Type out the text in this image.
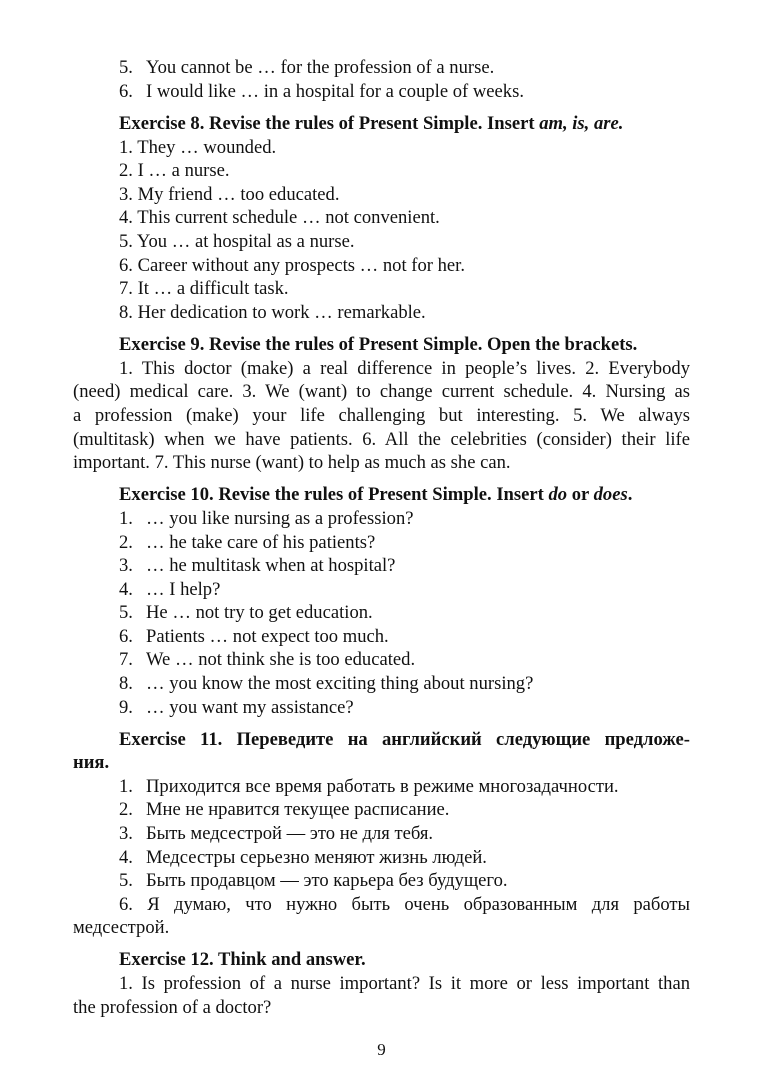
5. You cannot be … for the profession of a nurse.
6. I would like … in a hospital for a couple of weeks.
Exercise 8. Revise the rules of Present Simple. Insert am, is, are.
1. They … wounded.
2. I … a nurse.
3. My friend … too educated.
4. This current schedule … not convenient.
5. You … at hospital as a nurse.
6. Career without any prospects … not for her.
7. It … a difficult task.
8. Her dedication to work … remarkable.
Exercise 9. Revise the rules of Present Simple. Open the brackets.
1. This doctor (make) a real difference in people’s lives. 2. Everybody
(need) medical care. 3. We (want) to change current schedule. 4. Nursing as
a profession (make) your life challenging but interesting. 5. We always
(multitask) when we have patients. 6. All the celebrities (consider) their life
important. 7. This nurse (want) to help as much as she can.
Exercise 10. Revise the rules of Present Simple. Insert do or does.
1. … you like nursing as a profession?
2. … he take care of his patients?
3. … he multitask when at hospital?
4. … I help?
5. He … not try to get education.
6. Patients … not expect too much.
7. We … not think she is too educated.
8. … you know the most exciting thing about nursing?
9. … you want my assistance?
Exercise 11. Переведите на английский следующие предложе-
ния.
1. Приходится все время работать в режиме многозадачности.
2. Мне не нравится текущее расписание.
3. Быть медсестрой — это не для тебя.
4. Медсестры серьезно меняют жизнь людей.
5. Быть продавцом — это карьера без будущего.
6. Я думаю, что нужно быть очень образованным для работы
медсестрой.
Exercise 12. Think and answer.
1. Is profession of a nurse important? Is it more or less important than
the profession of a doctor?
9
